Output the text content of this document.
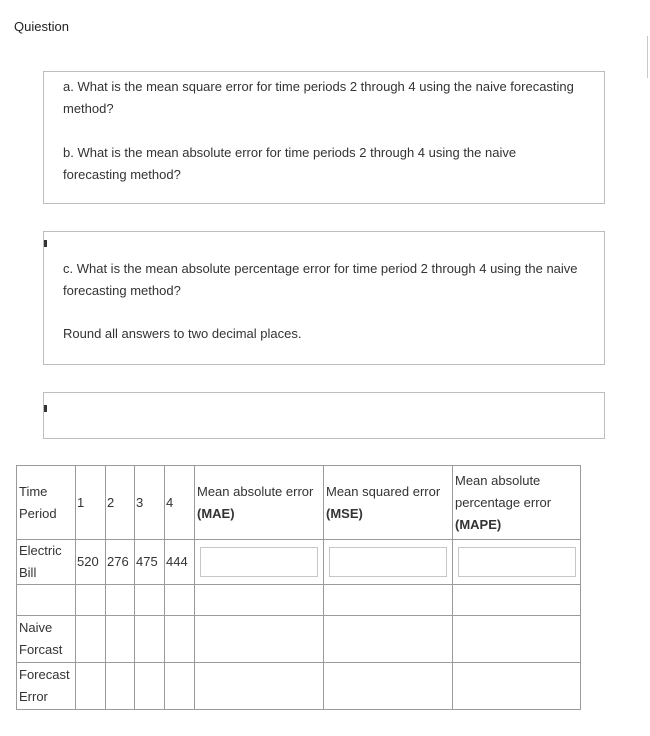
Quiestion
a. What is the mean square error for time periods 2 through 4 using the naive forecasting method?
b. What is the mean absolute error for time periods 2 through 4 using the naive forecasting method?
c. What is the mean absolute percentage error for time period 2 through 4 using the naive forecasting method?
Round all answers to two decimal places.
Time Period	1	2	3	4	Mean absolute error (MAE)	Mean squared error (MSE)	Mean absolute percentage error (MAPE)
Electric Bill	520	276	475	444	

Naive Forcast							
Forecast Error							
